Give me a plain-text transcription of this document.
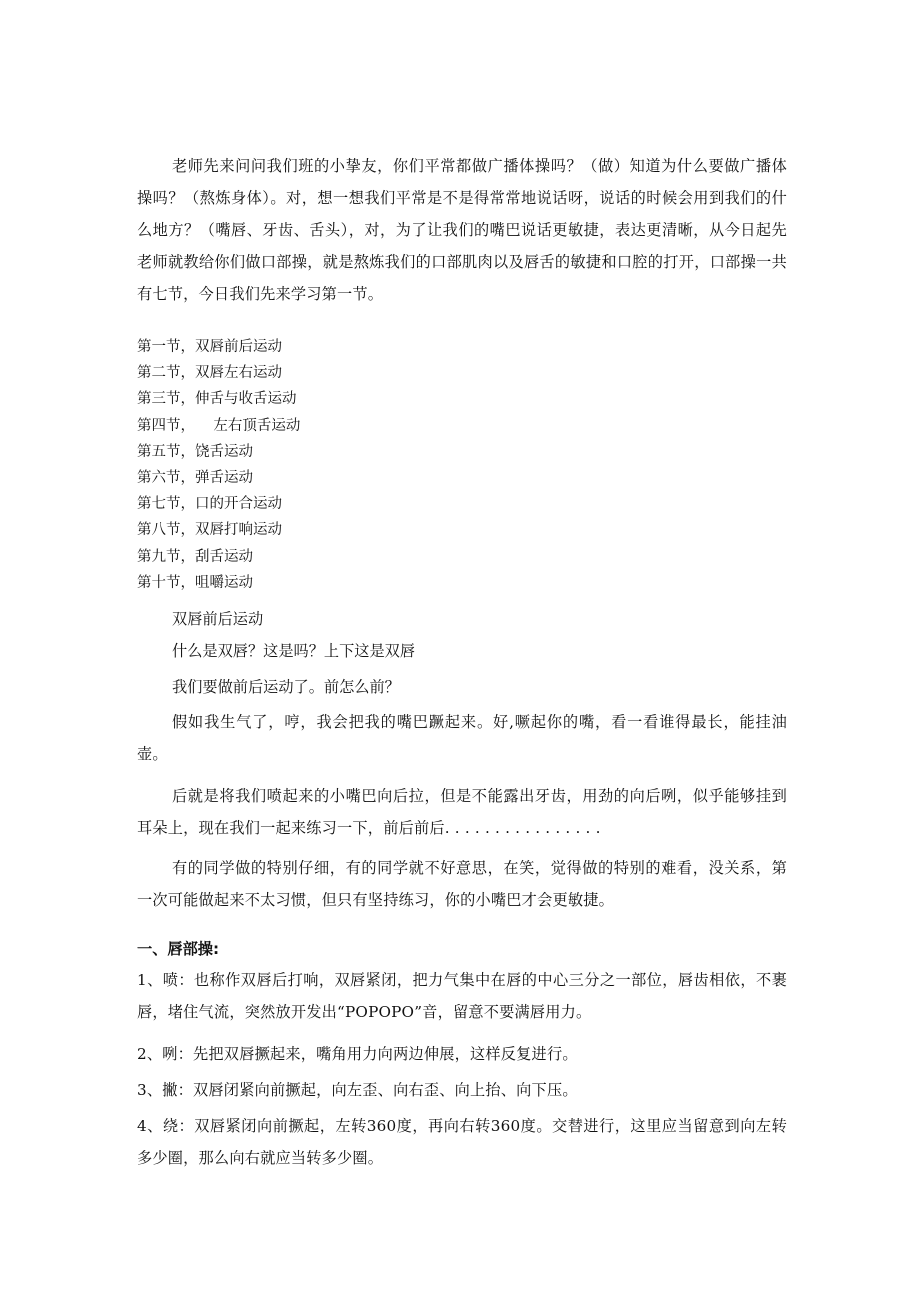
老师先来问问我们班的小挚友，你们平常都做广播体操吗？（做）知道为什么要做广播体操吗？（熬炼身体）。对，想一想我们平常是不是得常常地说话呀，说话的时候会用到我们的什么地方？（嘴唇、牙齿、舌头），对，为了让我们的嘴巴说话更敏捷，表达更清晰，从今日起先老师就教给你们做口部操，就是熬炼我们的口部肌肉以及唇舌的敏捷和口腔的打开，口部操一共有七节，今日我们先来学习第一节。

第一节，双唇前后运动
第二节，双唇左右运动
第三节，伸舌与收舌运动
第四节，    左右顶舌运动
第五节，饶舌运动
第六节，弹舌运动
第七节，口的开合运动
第八节，双唇打响运动
第九节，刮舌运动
第十节，咀嚼运动

双唇前后运动

什么是双唇？这是吗？上下这是双唇

我们要做前后运动了。前怎么前？

假如我生气了，哼，我会把我的嘴巴蹶起来。好,噘起你的嘴，看一看谁得最长，能挂油壶。

后就是将我们喷起来的小嘴巴向后拉，但是不能露出牙齿，用劲的向后咧，似乎能够挂到耳朵上，现在我们一起来练习一下，前后前后. . . . . . . . . . . . . . . .

有的同学做的特别仔细，有的同学就不好意思，在笑，觉得做的特别的难看，没关系，第一次可能做起来不太习惯，但只有坚持练习，你的小嘴巴才会更敏捷。

一、唇部操:

1、喷：也称作双唇后打响，双唇紧闭，把力气集中在唇的中心三分之一部位，唇齿相依，不裹唇，堵住气流，突然放开发出“POPOPO”音，留意不要满唇用力。

2、咧：先把双唇撅起来，嘴角用力向两边伸展，这样反复进行。

3、撇：双唇闭紧向前撅起，向左歪、向右歪、向上抬、向下压。

4、绕：双唇紧闭向前撅起，左转360度，再向右转360度。交替进行，这里应当留意到向左转多少圈，那么向右就应当转多少圈。
